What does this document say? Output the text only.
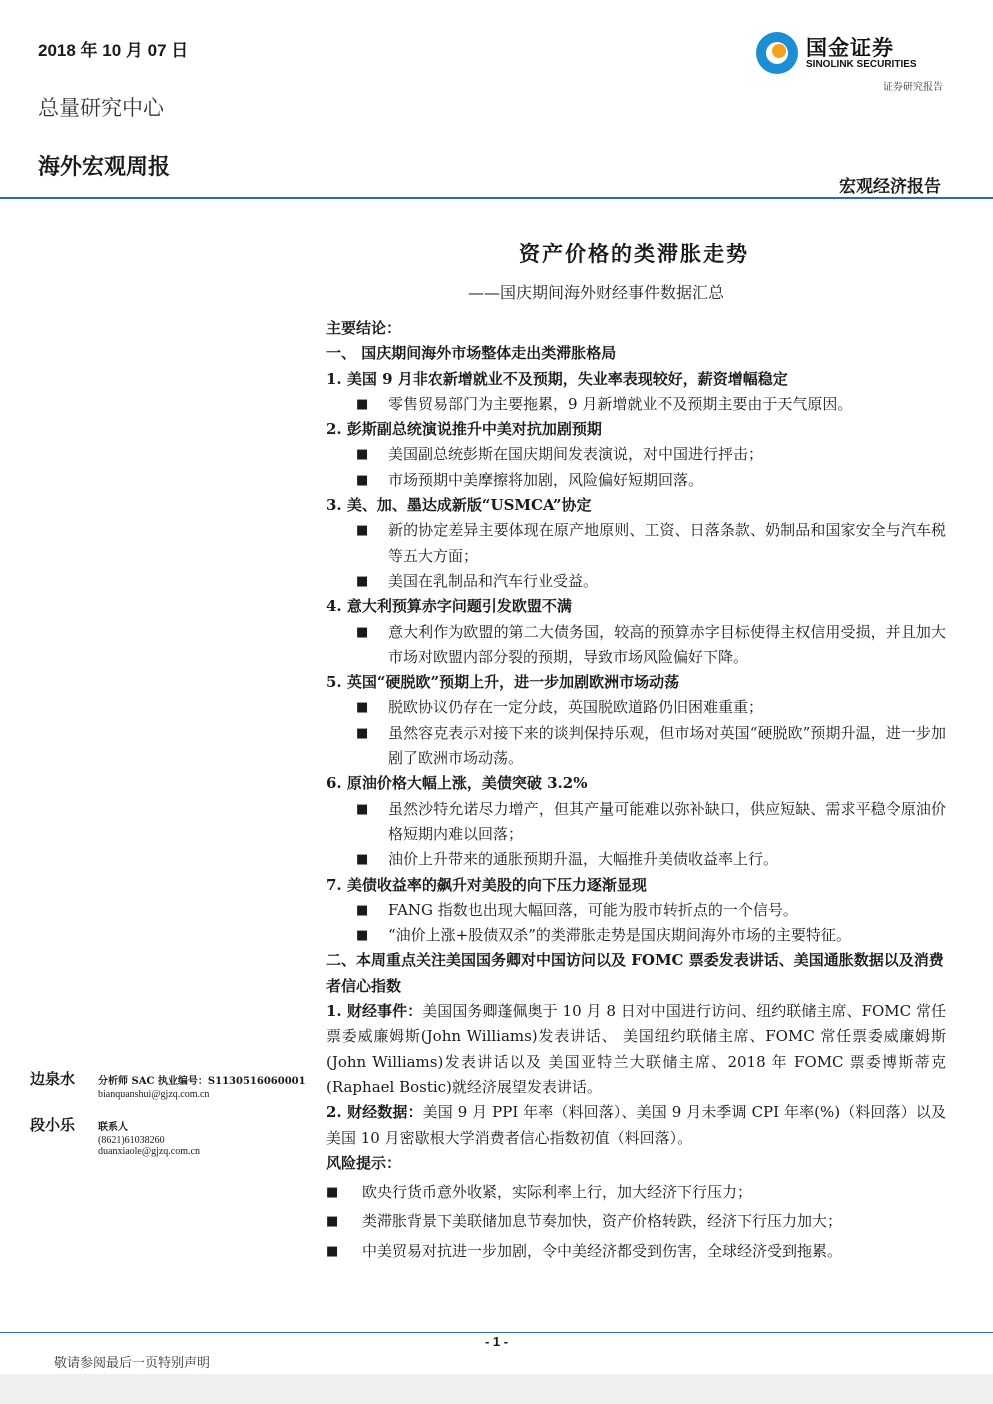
2018 年 10 月 07 日
总量研究中心
海外宏观周报
国金证券
SINOLINK SECURITIES
证券研究报告
宏观经济报告
资产价格的类滞胀走势
——国庆期间海外财经事件数据汇总

主要结论：

一、 国庆期间海外市场整体走出类滞胀格局

1. 美国 9 月非农新增就业不及预期，失业率表现较好，薪资增幅稳定

■ 零售贸易部门为主要拖累，9 月新增就业不及预期主要由于天气原因。

2. 彭斯副总统演说推升中美对抗加剧预期

■ 美国副总统彭斯在国庆期间发表演说，对中国进行抨击；

■ 市场预期中美摩擦将加剧，风险偏好短期回落。

3. 美、加、墨达成新版“USMCA”协定

■ 新的协定差异主要体现在原产地原则、工资、日落条款、奶制品和国家安全与汽车税等五大方面；

■ 美国在乳制品和汽车行业受益。

4. 意大利预算赤字问题引发欧盟不满

■ 意大利作为欧盟的第二大债务国，较高的预算赤字目标使得主权信用受损，并且加大市场对欧盟内部分裂的预期，导致市场风险偏好下降。

5. 英国“硬脱欧”预期上升，进一步加剧欧洲市场动荡

■ 脱欧协议仍存在一定分歧，英国脱欧道路仍旧困难重重；

■ 虽然容克表示对接下来的谈判保持乐观，但市场对英国“硬脱欧”预期升温，进一步加剧了欧洲市场动荡。

6. 原油价格大幅上涨，美债突破 3.2%

■ 虽然沙特允诺尽力增产，但其产量可能难以弥补缺口，供应短缺、需求平稳令原油价格短期内难以回落；

■ 油价上升带来的通胀预期升温，大幅推升美债收益率上行。

7. 美债收益率的飙升对美股的向下压力逐渐显现

■ FANG 指数也出现大幅回落，可能为股市转折点的一个信号。

■ “油价上涨+股债双杀”的类滞胀走势是国庆期间海外市场的主要特征。

二、本周重点关注美国国务卿对中国访问以及 FOMC 票委发表讲话、美国通胀数据以及消费者信心指数

1. 财经事件：美国国务卿蓬佩奥于 10 月 8 日对中国进行访问、纽约联储主席、FOMC 常任票委威廉姆斯(John Williams)发表讲话、 美国纽约联储主席、FOMC 常任票委威廉姆斯(John Williams)发表讲话以及 美国亚特兰大联储主席、2018 年 FOMC 票委博斯蒂克(Raphael Bostic)就经济展望发表讲话。

2. 财经数据：美国 9 月 PPI 年率（料回落）、美国 9 月未季调 CPI 年率(%)（料回落）以及 美国 10 月密歇根大学消费者信心指数初值（料回落）。

风险提示：

■ 欧央行货币意外收紧，实际利率上行，加大经济下行压力；

■ 类滞胀背景下美联储加息节奏加快，资产价格转跌，经济下行压力加大；

■ 中美贸易对抗进一步加剧，令中美经济都受到伤害，全球经济受到拖累。

边泉水 分析师 SAC 执业编号：S1130516060001
bianquanshui@gjzq.com.cn
段小乐 联系人
(8621)61038260
duanxiaole@gjzq.com.cn
- 1 -
敬请参阅最后一页特别声明
